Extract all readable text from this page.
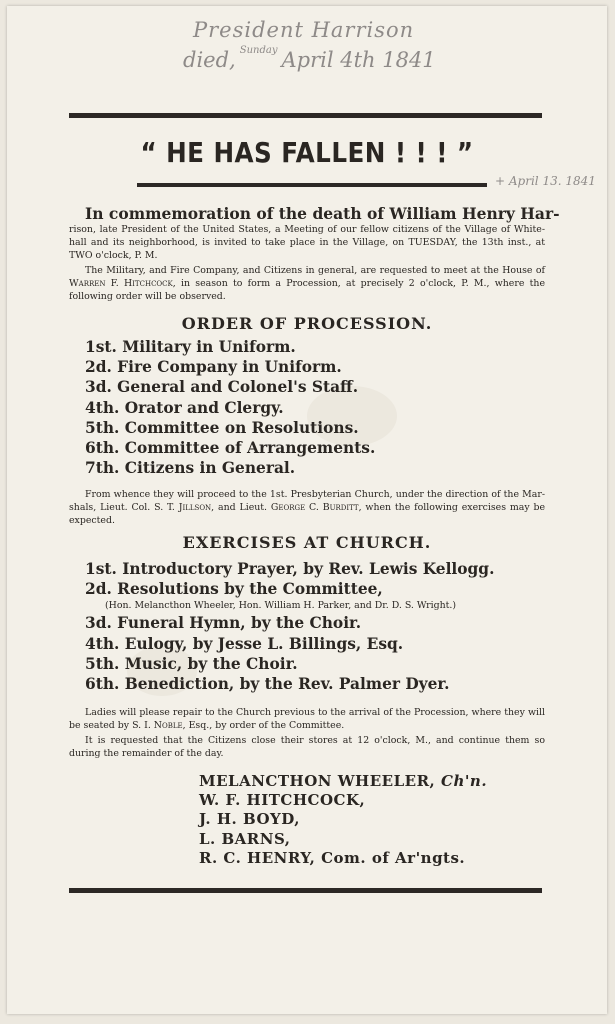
President Harrison
died, $^{Sunday}$ April 4th 1841
+ April 13. 1841
“ HE HAS FALLEN ! ! ! ”
In commemoration of the death of William Henry Har-
rison, late President of the United States, a Meeting of our fellow citizens of the Village of White-hall and its neighborhood, is invited to take place in the Village, on TUESDAY, the 13th inst., at TWO o'clock, P. M.
The Military, and Fire Company, and Citizens in general, are requested to meet at the House of Warren F. Hitchcock, in season to form a Procession, at precisely 2 o'clock, P. M., where the following order will be observed.
ORDER OF PROCESSION.
1st. Military in Uniform.
2d. Fire Company in Uniform.
3d. General and Colonel's Staff.
4th. Orator and Clergy.
5th. Committee on Resolutions.
6th. Committee of Arrangements.
7th. Citizens in General.
From whence they will proceed to the 1st. Presbyterian Church, under the direction of the Mar-shals, Lieut. Col. S. T. Jillson, and Lieut. George C. Burditt, when the following exercises may be expected.
EXERCISES AT CHURCH.
1st. Introductory Prayer, by Rev. Lewis Kellogg.
2d. Resolutions by the Committee,
(Hon. Melancthon Wheeler, Hon. William H. Parker, and Dr. D. S. Wright.)
3d. Funeral Hymn, by the Choir.
4th. Eulogy, by Jesse L. Billings, Esq.
5th. Music, by the Choir.
6th. Benediction, by the Rev. Palmer Dyer.
Ladies will please repair to the Church previous to the arrival of the Procession, where they will be seated by S. I. Noble, Esq., by order of the Committee.
It is requested that the Citizens close their stores at 12 o'clock, M., and continue them so during the remainder of the day.
MELANCTHON WHEELER, Ch'n.
W. F. HITCHCOCK,
J. H. BOYD,
L. BARNS,
R. C. HENRY, Com. of Ar'ngts.
